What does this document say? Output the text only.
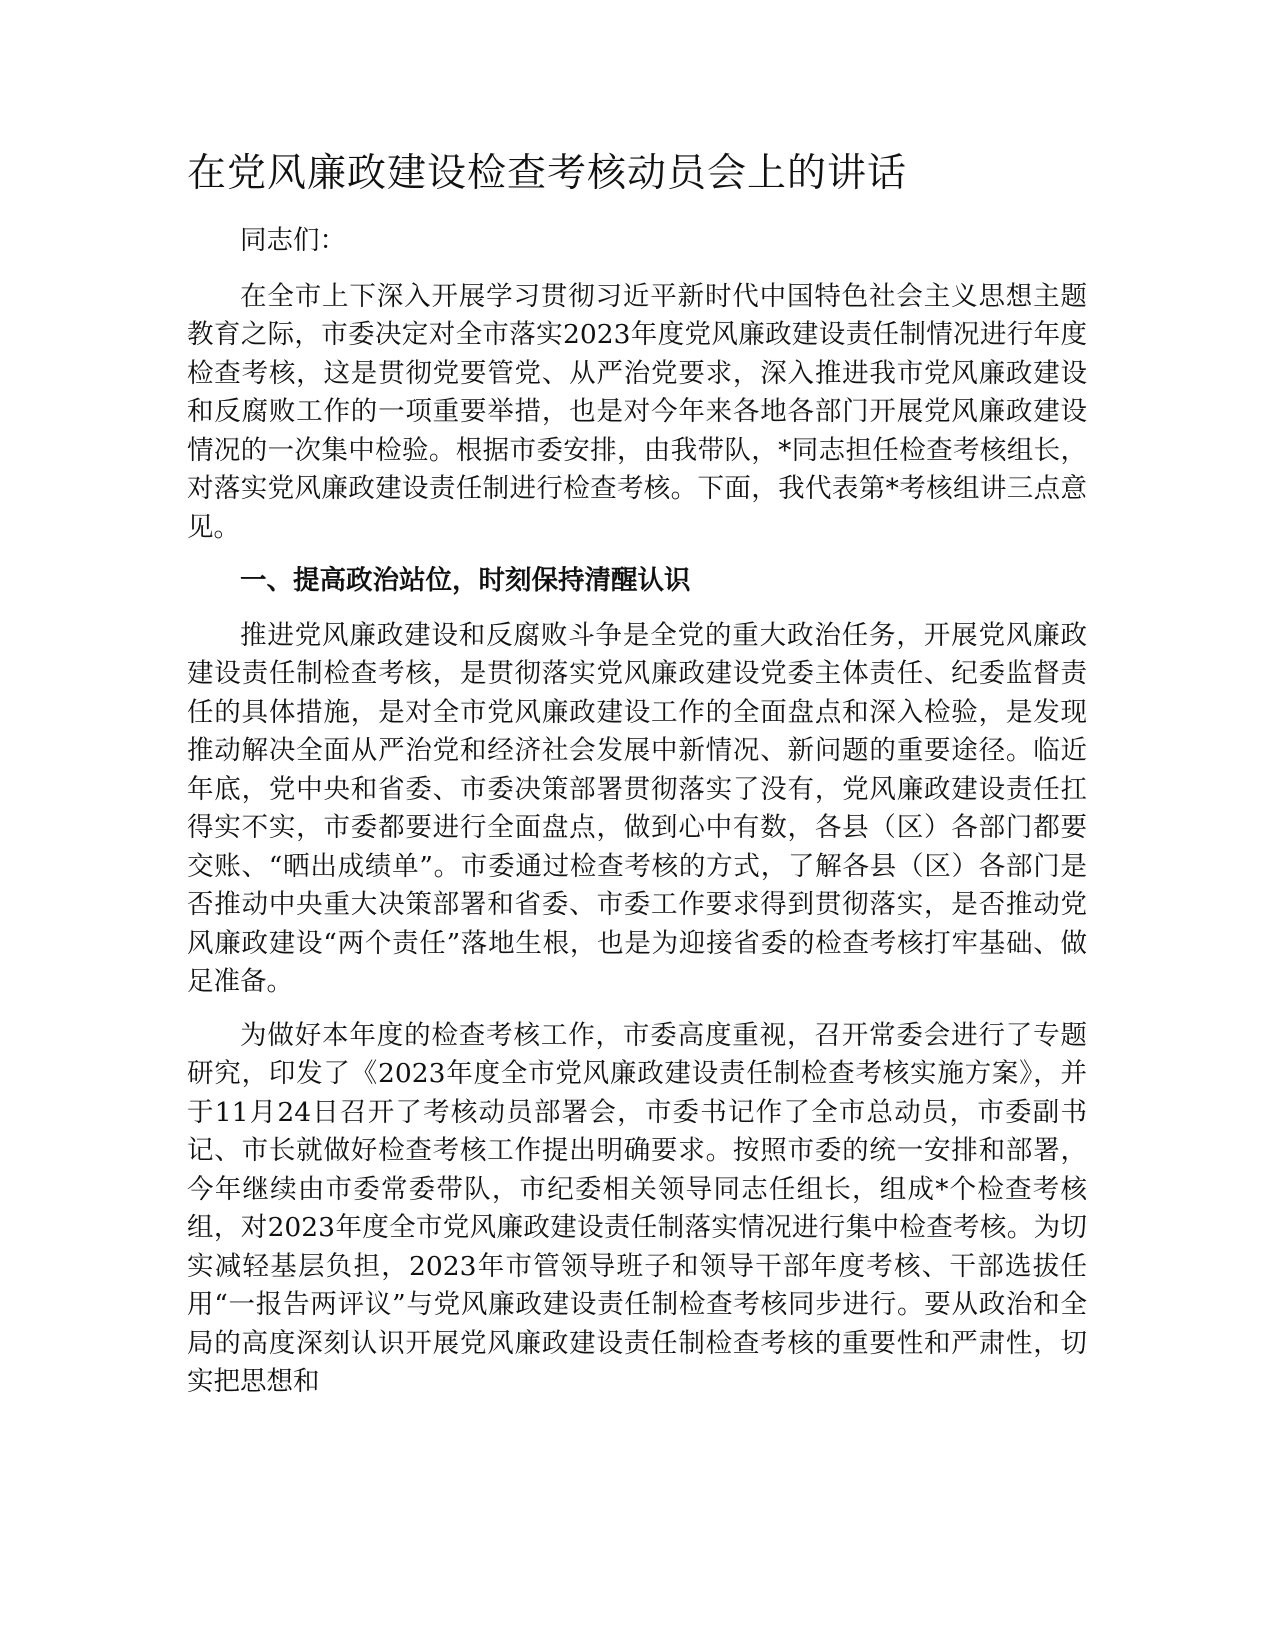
在党风廉政建设检查考核动员会上的讲话

同志们：

在全市上下深入开展学习贯彻习近平新时代中国特色社会主义思想主题教育之际，市委决定对全市落实2023年度党风廉政建设责任制情况进行年度检查考核，这是贯彻党要管党、从严治党要求，深入推进我市党风廉政建设和反腐败工作的一项重要举措，也是对今年来各地各部门开展党风廉政建设情况的一次集中检验。根据市委安排，由我带队，*同志担任检查考核组长，对落实党风廉政建设责任制进行检查考核。下面，我代表第*考核组讲三点意见。

一、提高政治站位，时刻保持清醒认识

推进党风廉政建设和反腐败斗争是全党的重大政治任务，开展党风廉政建设责任制检查考核，是贯彻落实党风廉政建设党委主体责任、纪委监督责任的具体措施，是对全市党风廉政建设工作的全面盘点和深入检验，是发现推动解决全面从严治党和经济社会发展中新情况、新问题的重要途径。临近年底，党中央和省委、市委决策部署贯彻落实了没有，党风廉政建设责任扛得实不实，市委都要进行全面盘点，做到心中有数，各县（区）各部门都要交账、“晒出成绩单”。市委通过检查考核的方式，了解各县（区）各部门是否推动中央重大决策部署和省委、市委工作要求得到贯彻落实，是否推动党风廉政建设“两个责任”落地生根，也是为迎接省委的检查考核打牢基础、做足准备。

为做好本年度的检查考核工作，市委高度重视，召开常委会进行了专题研究，印发了《2023年度全市党风廉政建设责任制检查考核实施方案》，并于11月24日召开了考核动员部署会，市委书记作了全市总动员，市委副书记、市长就做好检查考核工作提出明确要求。按照市委的统一安排和部署，今年继续由市委常委带队，市纪委相关领导同志任组长，组成*个检查考核组，对2023年度全市党风廉政建设责任制落实情况进行集中检查考核。为切实减轻基层负担，2023年市管领导班子和领导干部年度考核、干部选拔任用“一报告两评议”与党风廉政建设责任制检查考核同步进行。要从政治和全局的高度深刻认识开展党风廉政建设责任制检查考核的重要性和严肃性，切实把思想和
